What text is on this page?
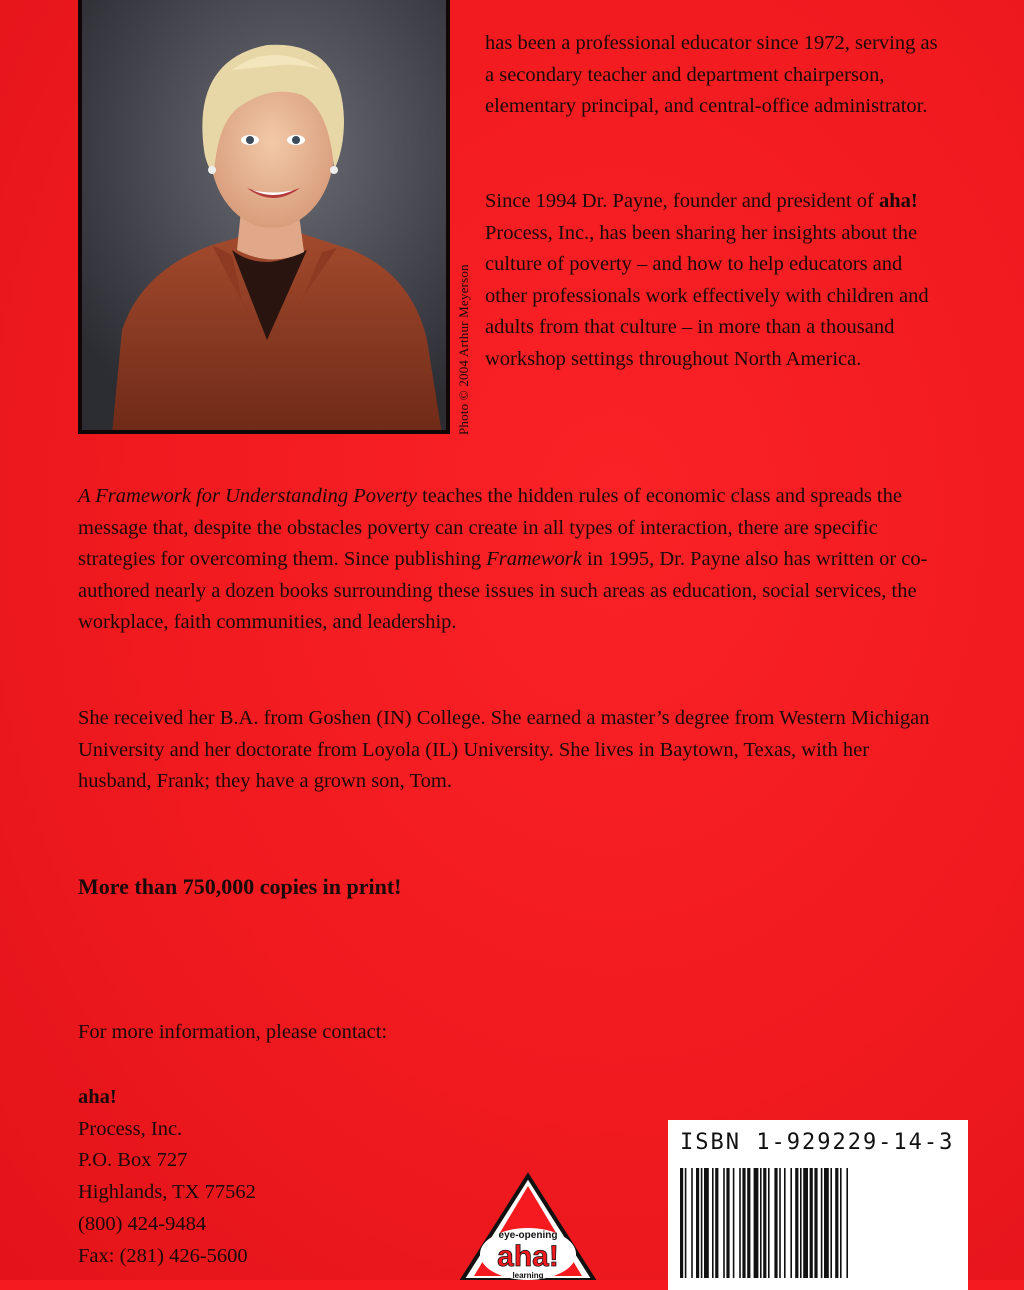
Photo © 2004 Arthur Meyerson

has been a professional educator since 1972, serving as a secondary teacher and department chairperson, elementary principal, and central-office administrator.

Since 1994 Dr. Payne, founder and president of aha! Process, Inc., has been sharing her insights about the culture of poverty – and how to help educators and other professionals work effectively with children and adults from that culture – in more than a thousand workshop settings throughout North America.

A Framework for Understanding Poverty teaches the hidden rules of economic class and spreads the message that, despite the obstacles poverty can create in all types of interaction, there are specific strategies for overcoming them. Since publishing Framework in 1995, Dr. Payne also has written or co-authored nearly a dozen books surrounding these issues in such areas as education, social services, the workplace, faith communities, and leadership.

She received her B.A. from Goshen (IN) College. She earned a master’s degree from Western Michigan University and her doctorate from Loyola (IL) University. She lives in Baytown, Texas, with her husband, Frank; they have a grown son, Tom.

More than 750,000 copies in print!

For more information, please contact:

aha!
Process, Inc.
P.O. Box 727
Highlands, TX 77562

(800) 424-9484
Fax: (281) 426-5600

eye-opening
aha!
learning
ISBN 1-929229-14-3
